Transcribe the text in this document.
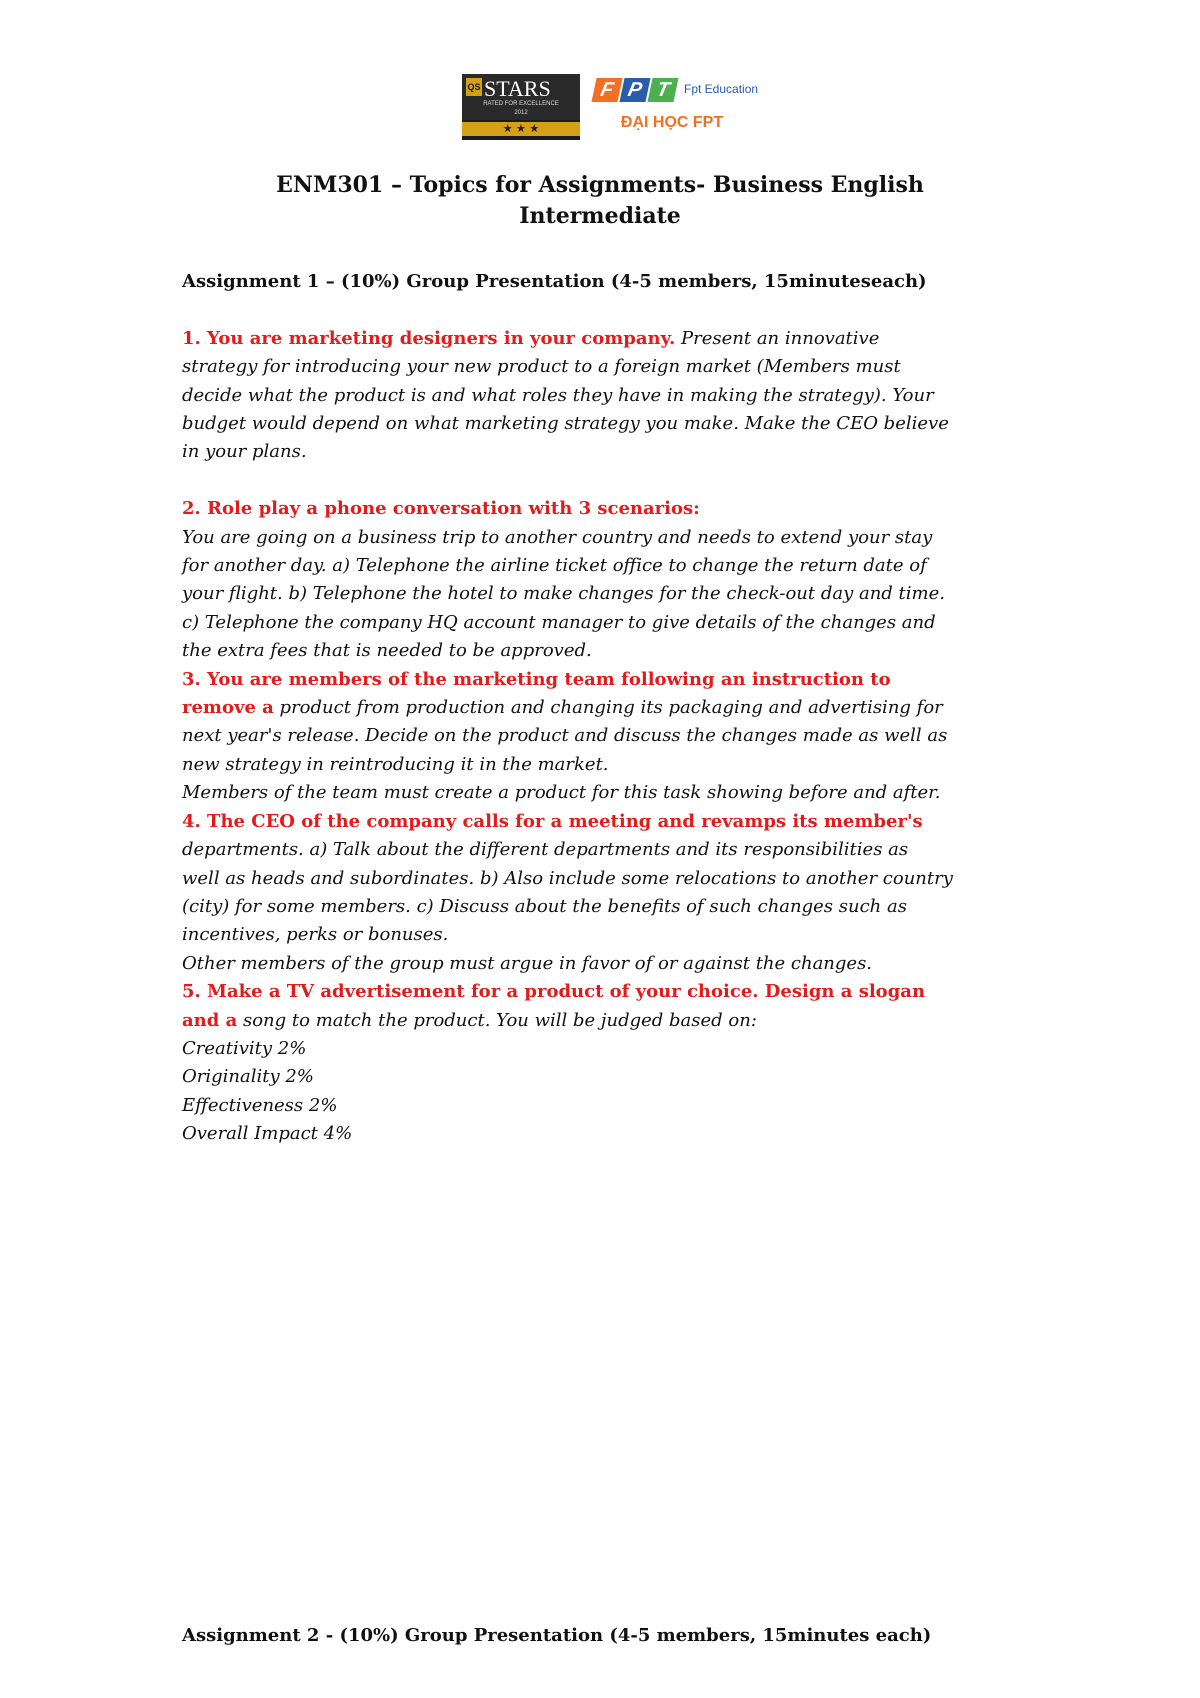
QS STARS
RATED FOR EXCELLENCE
2012
★ ★ ★
F P T	Fpt Education
ĐẠI HỌC FPT
ENM301 – Topics for Assignments- Business English
Intermediate

Assignment 1 – (10%) Group Presentation (4-5 members, 15minuteseach)

1. You are marketing designers in your company. Present an innovative

strategy for introducing your new product to a foreign market (Members must

decide what the product is and what roles they have in making the strategy). Your

budget would depend on what marketing strategy you make. Make the CEO believe

in your plans.

2. Role play a phone conversation with 3 scenarios:

You are going on a business trip to another country and needs to extend your stay

for another day. a) Telephone the airline ticket office to change the return date of

your flight. b) Telephone the hotel to make changes for the check-out day and time.

c) Telephone the company HQ account manager to give details of the changes and

the extra fees that is needed to be approved.

3. You are members of the marketing team following an instruction to

remove a product from production and changing its packaging and advertising for

next year's release. Decide on the product and discuss the changes made as well as

new strategy in reintroducing it in the market.

Members of the team must create a product for this task showing before and after.

4. The CEO of the company calls for a meeting and revamps its member's

departments. a) Talk about the different departments and its responsibilities as

well as heads and subordinates. b) Also include some relocations to another country

(city) for some members. c) Discuss about the benefits of such changes such as

incentives, perks or bonuses.

Other members of the group must argue in favor of or against the changes.

5. Make a TV advertisement for a product of your choice. Design a slogan

and a song to match the product. You will be judged based on:

Creativity 2%

Originality 2%

Effectiveness 2%

Overall Impact 4%

Assignment 2 - (10%) Group Presentation (4-5 members, 15minutes each)
